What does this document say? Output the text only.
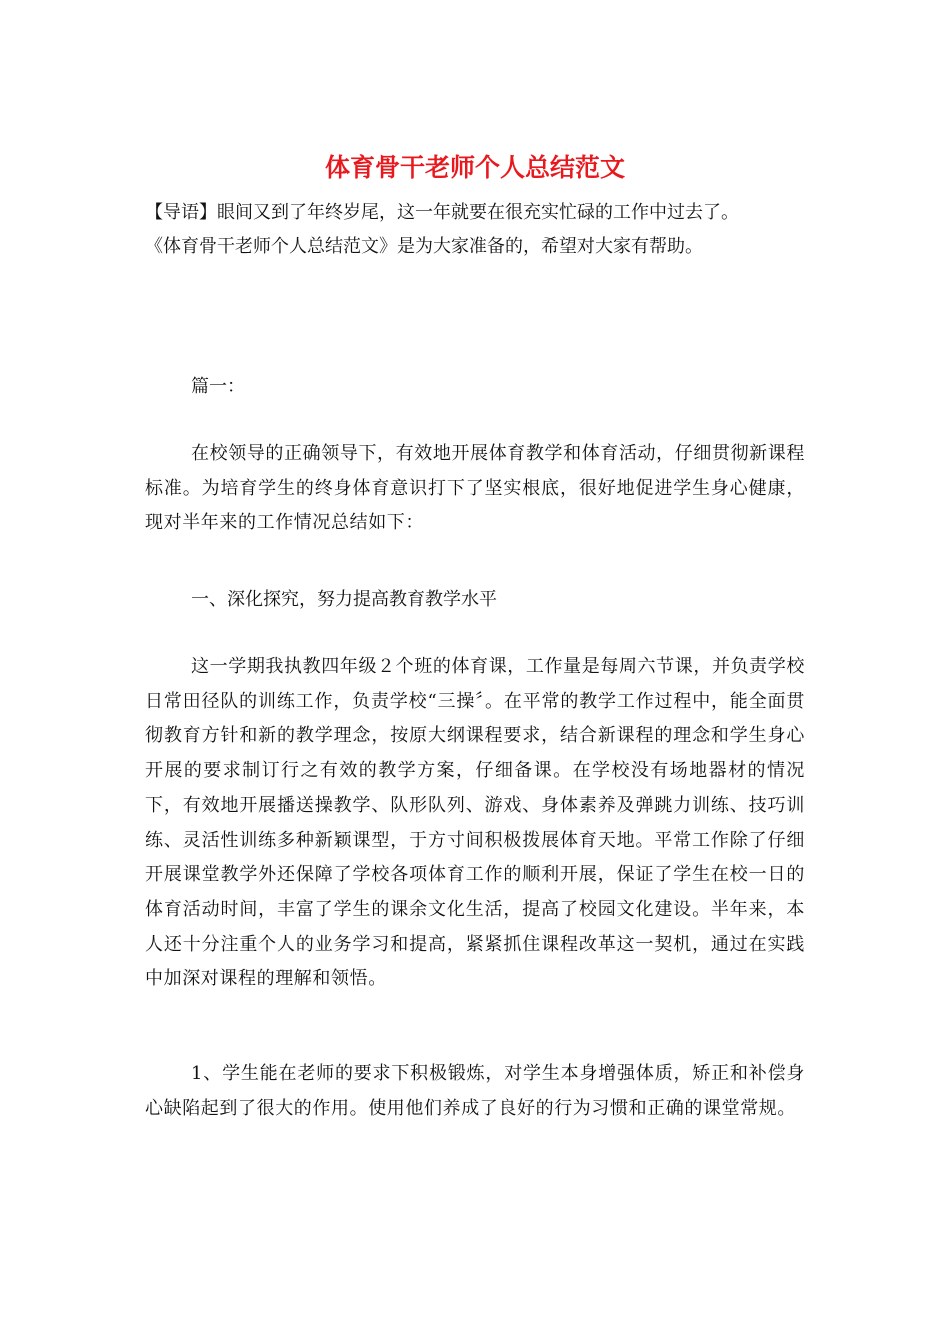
体育骨干老师个人总结范文
【导语】眼间又到了年终岁尾，这一年就要在很充实忙碌的工作中过去了。
《体育骨干老师个人总结范文》是为大家准备的，希望对大家有帮助。
篇一：
在校领导的正确领导下，有效地开展体育教学和体育活动，仔细贯彻新课程标准。为培育学生的终身体育意识打下了坚实根底，很好地促进学生身心健康，现对半年来的工作情况总结如下：
一、深化探究，努力提高教育教学水平
这一学期我执教四年级２个班的体育课，工作量是每周六节课，并负责学校日常田径队的训练工作，负责学校“三操〞。在平常的教学工作过程中，能全面贯彻教育方针和新的教学理念，按原大纲课程要求，结合新课程的理念和学生身心开展的要求制订行之有效的教学方案，仔细备课。在学校没有场地器材的情况下，有效地开展播送操教学、队形队列、游戏、身体素养及弹跳力训练、技巧训练、灵活性训练多种新颖课型，于方寸间积极拨展体育天地。平常工作除了仔细开展课堂教学外还保障了学校各项体育工作的顺利开展，保证了学生在校一日的体育活动时间，丰富了学生的课余文化生活，提高了校园文化建设。半年来，本人还十分注重个人的业务学习和提高，紧紧抓住课程改革这一契机，通过在实践中加深对课程的理解和领悟。
1、学生能在老师的要求下积极锻炼，对学生本身增强体质，矫正和补偿身心缺陷起到了很大的作用。使用他们养成了良好的行为习惯和正确的课堂常规。
